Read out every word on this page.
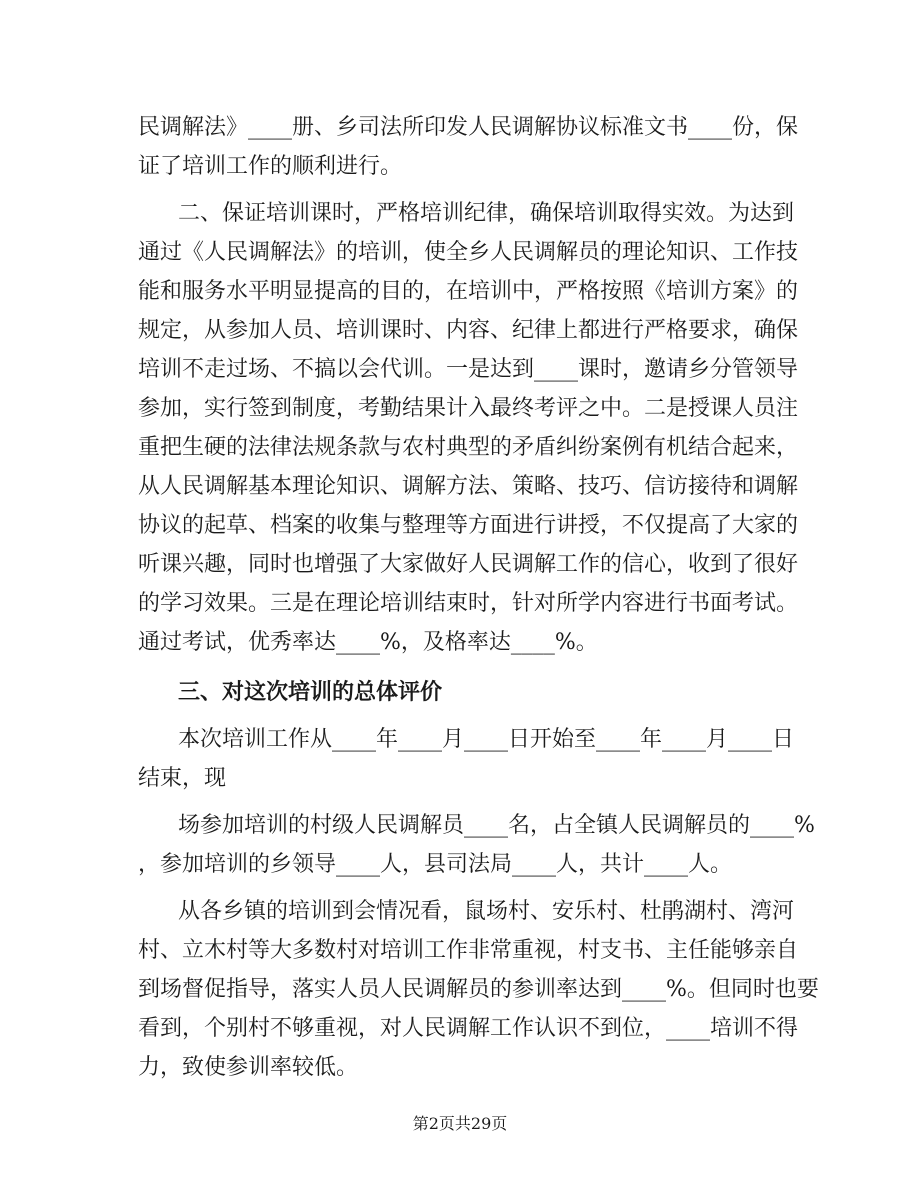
民调解法》____册、乡司法所印发人民调解协议标准文书____份，保
证了培训工作的顺利进行。
二、保证培训课时，严格培训纪律，确保培训取得实效。为达到
通过《人民调解法》的培训，使全乡人民调解员的理论知识、工作技
能和服务水平明显提高的目的，在培训中，严格按照《培训方案》的
规定，从参加人员、培训课时、内容、纪律上都进行严格要求，确保
培训不走过场、不搞以会代训。一是达到____课时，邀请乡分管领导
参加，实行签到制度，考勤结果计入最终考评之中。二是授课人员注
重把生硬的法律法规条款与农村典型的矛盾纠纷案例有机结合起来，
从人民调解基本理论知识、调解方法、策略、技巧、信访接待和调解
协议的起草、档案的收集与整理等方面进行讲授，不仅提高了大家的
听课兴趣，同时也增强了大家做好人民调解工作的信心，收到了很好
的学习效果。三是在理论培训结束时，针对所学内容进行书面考试。
通过考试，优秀率达____%，及格率达____%。
三、对这次培训的总体评价
本次培训工作从____年____月____日开始至____年____月____日
结束，现
场参加培训的村级人民调解员____名，占全镇人民调解员的____%
，参加培训的乡领导____人，县司法局____人，共计____人。
从各乡镇的培训到会情况看，鼠场村、安乐村、杜鹃湖村、湾河
村、立木村等大多数村对培训工作非常重视，村支书、主任能够亲自
到场督促指导，落实人员人民调解员的参训率达到____%。但同时也要
看到，个别村不够重视，对人民调解工作认识不到位，____培训不得
力，致使参训率较低。
第2页共29页
